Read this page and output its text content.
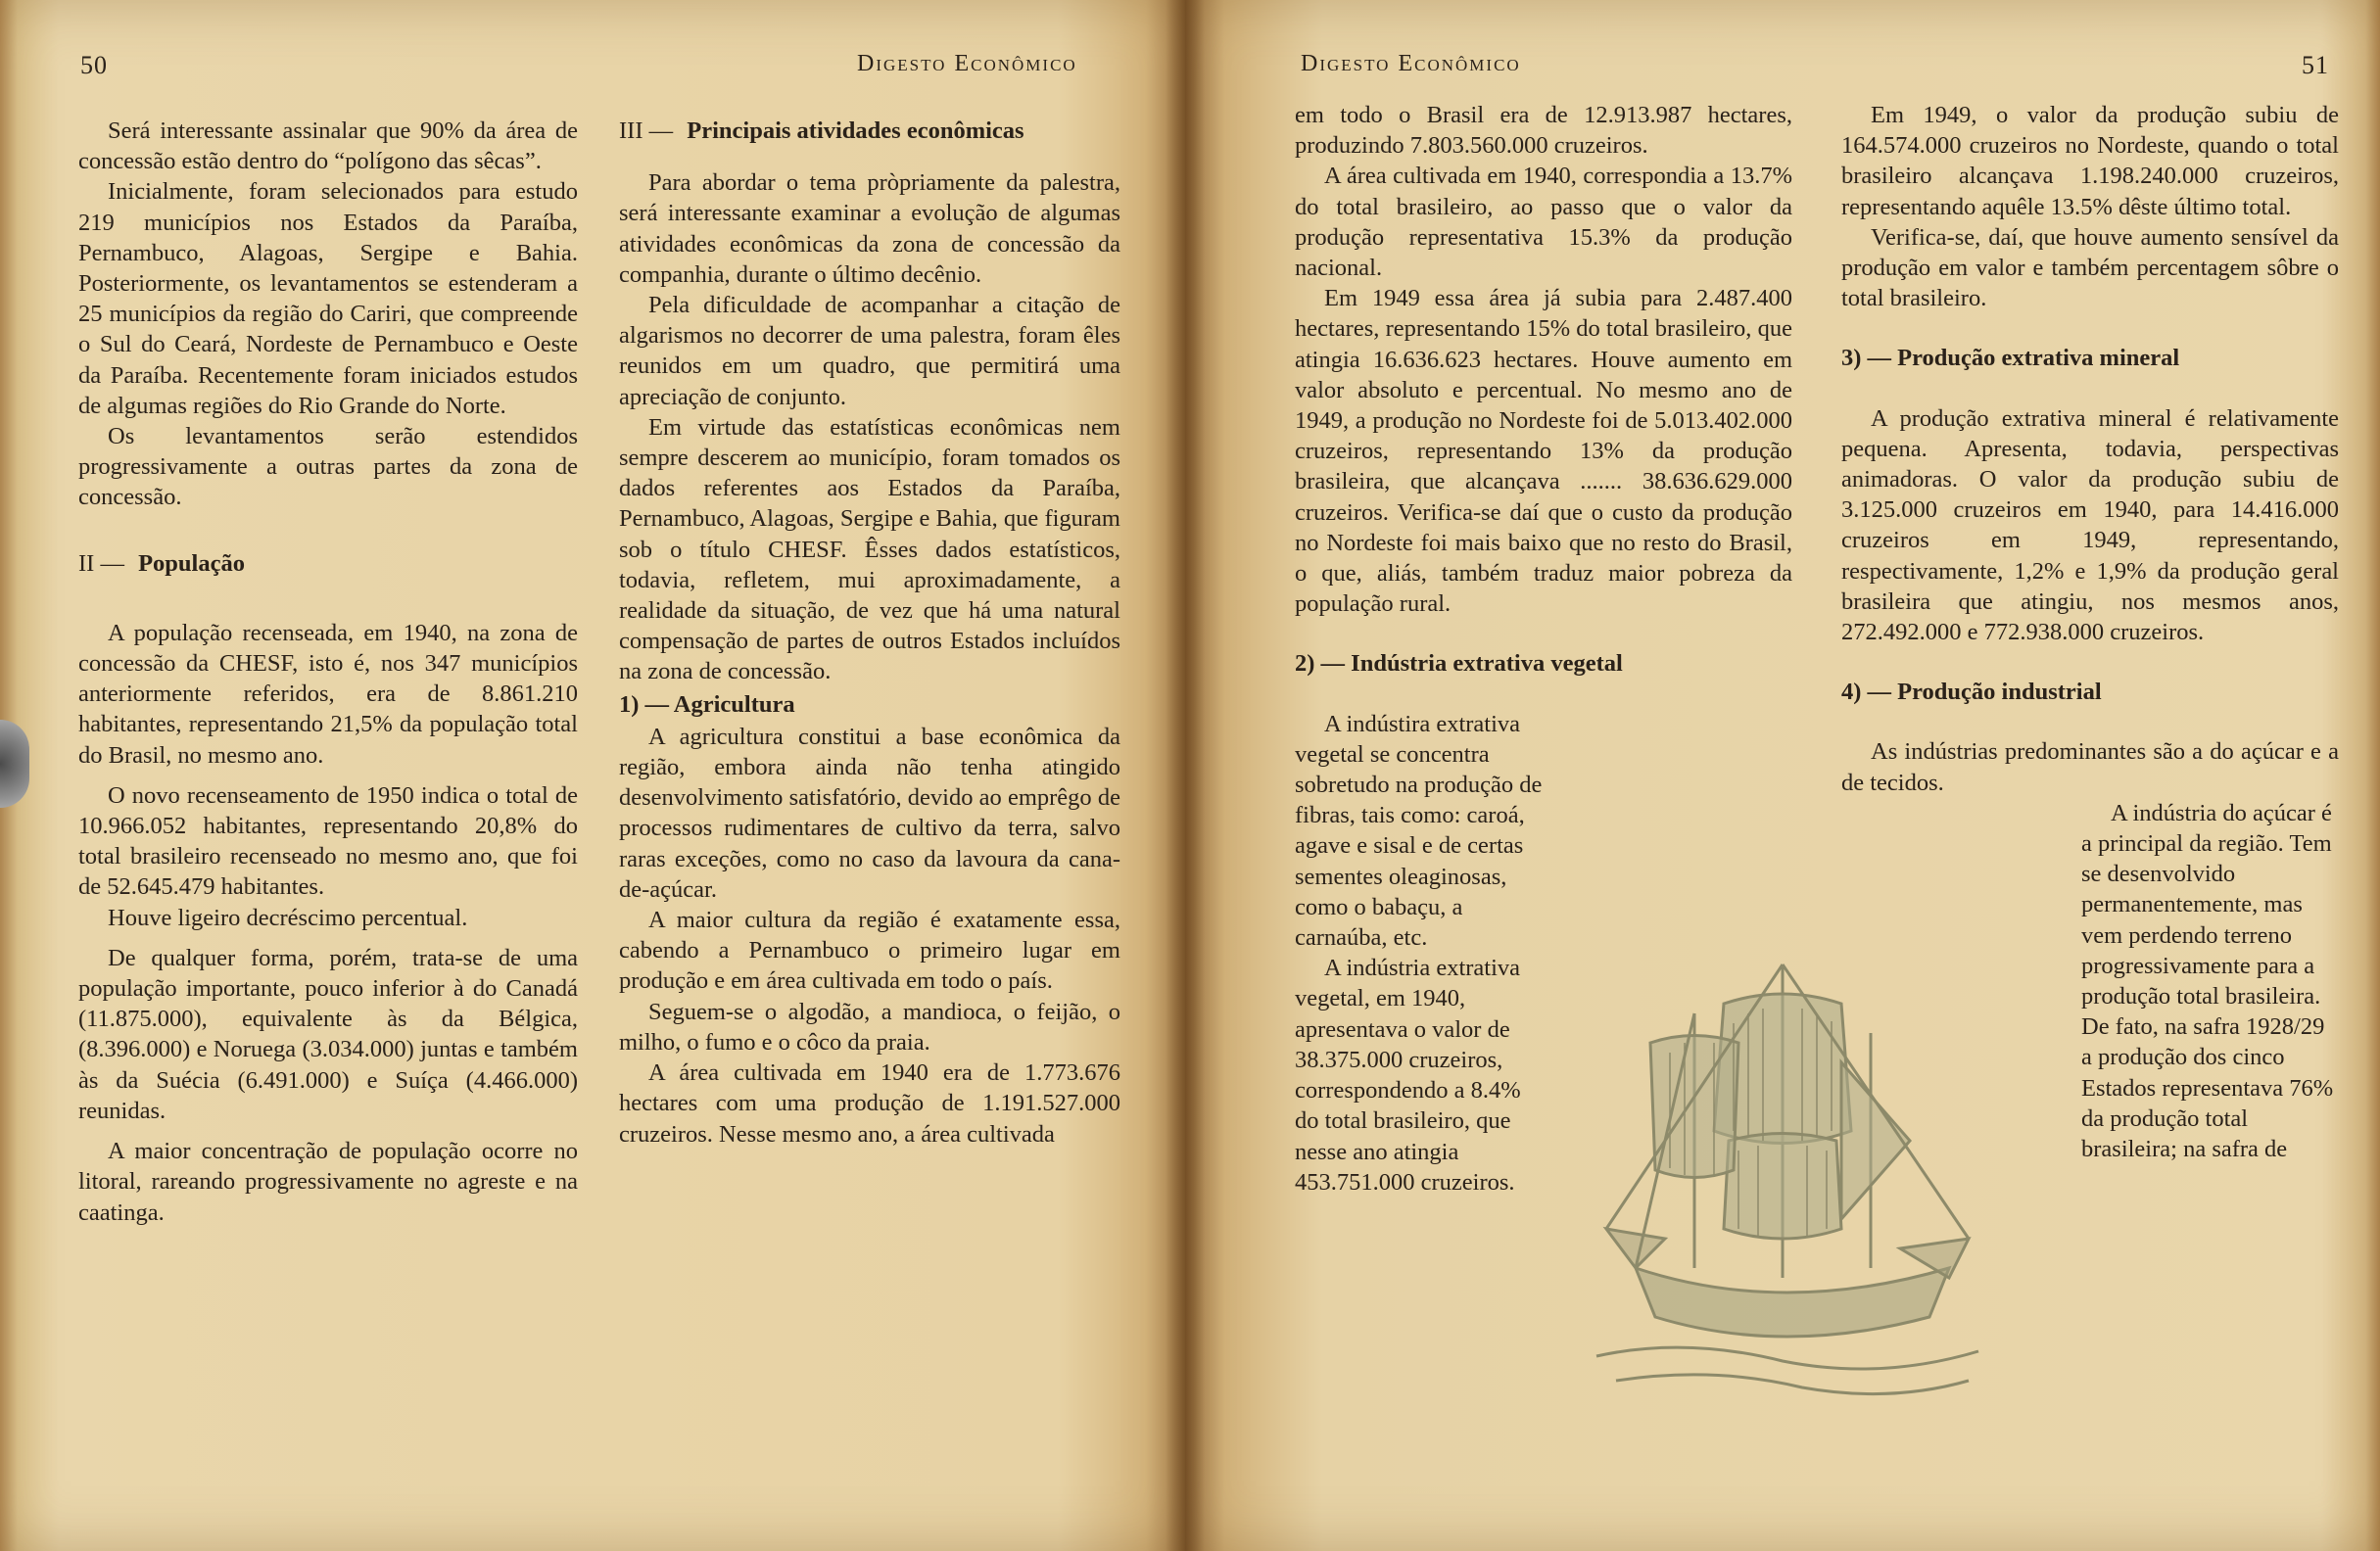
50	Digesto Econômico

Será interessante assinalar que 90% da área de concessão estão dentro do “polígono das sêcas”.

Inicialmente, foram selecionados para estudo 219 municípios nos Estados da Paraíba, Pernambuco, Alagoas, Sergipe e Bahia. Posteriormente, os levantamentos se estenderam a 25 municípios da região do Cariri, que compreende o Sul do Ceará, Nordeste de Pernambuco e Oeste da Paraíba. Recentemente foram iniciados estudos de algumas regiões do Rio Grande do Norte.

Os levantamentos serão estendidos progressivamente a outras partes da zona de concessão.

II — População

A população recenseada, em 1940, na zona de concessão da CHESF, isto é, nos 347 municípios anteriormente referidos, era de 8.861.210 habitantes, representando 21,5% da população total do Brasil, no mesmo ano.

O novo recenseamento de 1950 indica o total de 10.966.052 habitantes, representando 20,8% do total brasileiro recenseado no mesmo ano, que foi de 52.645.479 habitantes.

Houve ligeiro decréscimo percentual.

De qualquer forma, porém, trata-se de uma população importante, pouco inferior à do Canadá (11.875.000), equivalente às da Bélgica, (8.396.000) e Noruega (3.034.000) juntas e também às da Suécia (6.491.000) e Suíça (4.466.000) reunidas.

A maior concentração de população ocorre no litoral, rareando progressivamente no agreste e na caatinga.

III — Principais atividades econômicas

Para abordar o tema pròpriamente da palestra, será interessante examinar a evolução de algumas atividades econômicas da zona de concessão da companhia, durante o último decênio.

Pela dificuldade de acompanhar a citação de algarismos no decorrer de uma palestra, foram êles reunidos em um quadro, que permitirá uma apreciação de conjunto.

Em virtude das estatísticas econômicas nem sempre descerem ao município, foram tomados os dados referentes aos Estados da Paraíba, Pernambuco, Alagoas, Sergipe e Bahia, que figuram sob o título CHESF. Êsses dados estatísticos, todavia, refletem, mui aproximadamente, a realidade da situação, de vez que há uma natural compensação de partes de outros Estados incluídos na zona de concessão.

1) — Agricultura

A agricultura constitui a base econômica da região, embora ainda não tenha atingido desenvolvimento satisfatório, devido ao emprêgo de processos rudimentares de cultivo da terra, salvo raras exceções, como no caso da lavoura da cana-de-açúcar.

A maior cultura da região é exatamente essa, cabendo a Pernambuco o primeiro lugar em produção e em área cultivada em todo o país.

Seguem-se o algodão, a mandioca, o feijão, o milho, o fumo e o côco da praia.

A área cultivada em 1940 era de 1.773.676 hectares com uma produção de 1.191.527.000 cruzeiros. Nesse mesmo ano, a área cultivada

Digesto Econômico	51

em todo o Brasil era de 12.913.987 hectares, produzindo 7.803.560.000 cruzeiros.

A área cultivada em 1940, correspondia a 13.7% do total brasileiro, ao passo que o valor da produção representativa 15.3% da produção nacional.

Em 1949 essa área já subia para 2.487.400 hectares, representando 15% do total brasileiro, que atingia 16.636.623 hectares. Houve aumento em valor absoluto e percentual. No mesmo ano de 1949, a produção no Nordeste foi de 5.013.402.000 cruzeiros, representando 13% da produção brasileira, que alcançava ....... 38.636.629.000 cruzeiros. Verifica-se daí que o custo da produção no Nordeste foi mais baixo que no resto do Brasil, o que, aliás, também traduz maior pobreza da população rural.

2) — Indústria extrativa vegetal

A indústira extrativa vegetal se concentra sobretudo na produção de fibras, tais como: caroá, agave e sisal e de certas sementes oleaginosas, como o babaçu, a carnaúba, etc.

A indústria extrativa vegetal, em 1940, apresentava o valor de 38.375.000 cruzeiros, correspondendo a 8.4% do total brasileiro, que nesse ano atingia 453.751.000 cruzeiros.

Em 1949, o valor da produção subiu de 164.574.000 cruzeiros no Nordeste, quando o total brasileiro alcançava 1.198.240.000 cruzeiros, representando aquêle 13.5% dêste último total.

Verifica-se, daí, que houve aumento sensível da produção em valor e também percentagem sôbre o total brasileiro.

3) — Produção extrativa mineral

A produção extrativa mineral é relativamente pequena. Apresenta, todavia, perspectivas animadoras. O valor da produção subiu de 3.125.000 cruzeiros em 1940, para 14.416.000 cruzeiros em 1949, representando, respectivamente, 1,2% e 1,9% da produção geral brasileira que atingiu, nos mesmos anos, 272.492.000 e 772.938.000 cruzeiros.

4) — Produção industrial

As indústrias predominantes são a do açúcar e a de tecidos.

A indústria do açúcar é a principal da região. Tem se desenvolvido permanentemente, mas vem perdendo terreno progressivamente para a produção total brasileira. De fato, na safra 1928/29 a produção dos cinco Estados representava 76% da produção total brasileira; na safra de
